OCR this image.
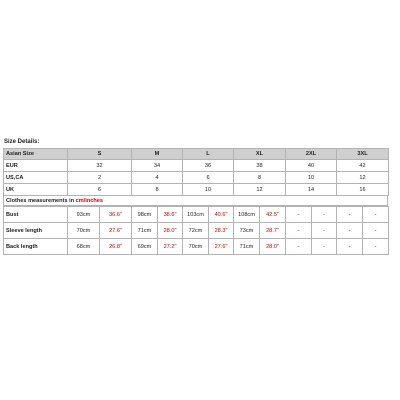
Size Details:
Asian Size	S	M	L	XL	2XL	3XL
EUR	32	34	36	38	40	42
US,CA	2	4	6	8	10	12
UK	6	8	10	12	14	16
Clothes measurements in cm/inches
Bust	93cm	36.6"	98cm	38.6"	103cm	40.6"	108cm	42.5"	-	-	-	-
Sleeve length	70cm	27.6"	71cm	28.0"	72cm	28.3"	73cm	28.7"	-	-	-	-
Back length	68cm	26.8"	69cm	27.2"	70cm	27.6"	71cm	28.0"	-	-	-	-
